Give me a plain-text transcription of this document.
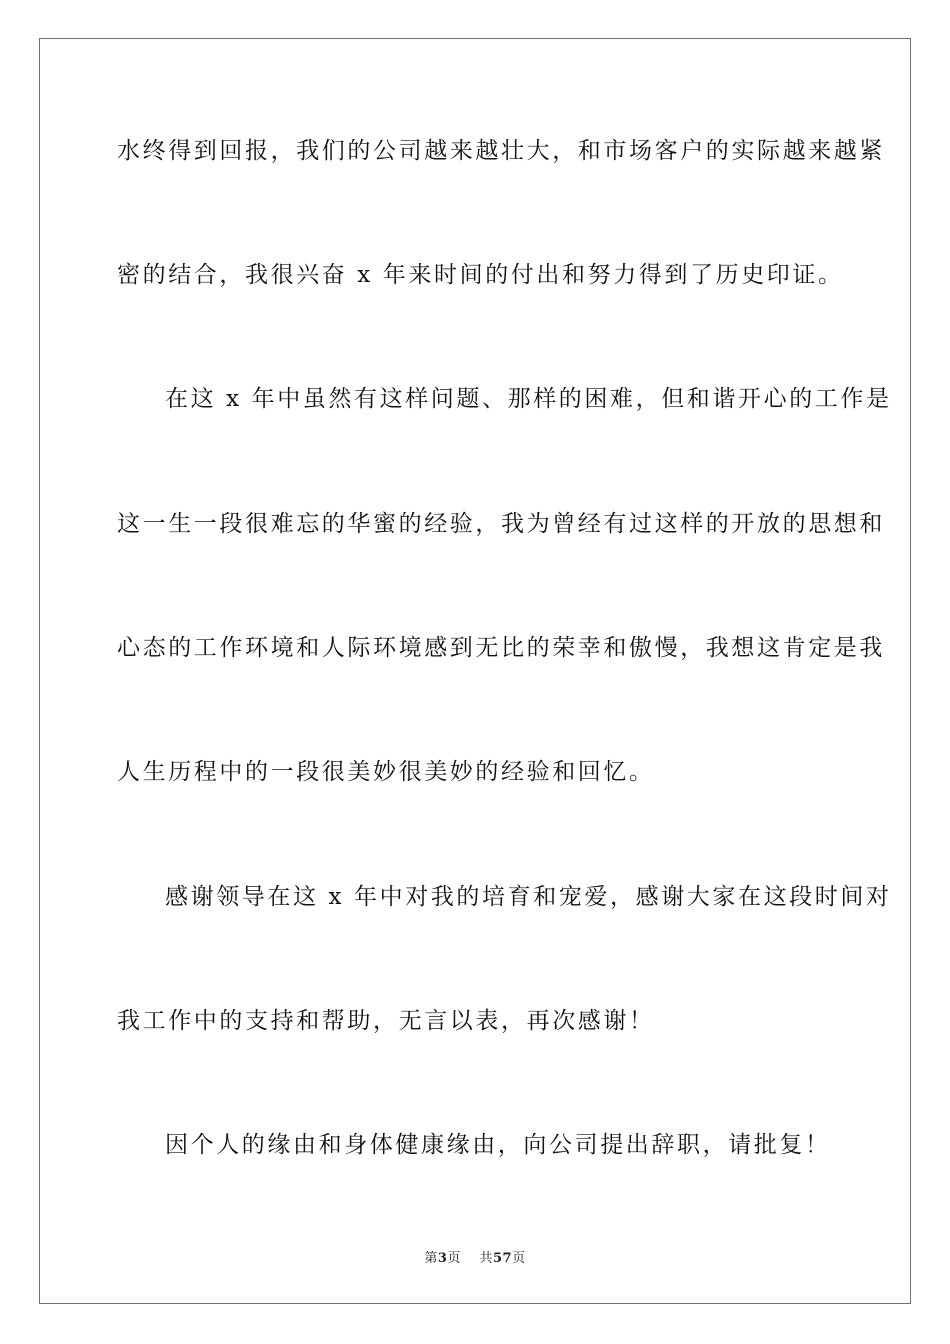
水终得到回报，我们的公司越来越壮大，和市场客户的实际越来越紧
密的结合，我很兴奋 x 年来时间的付出和努力得到了历史印证。
在这 x 年中虽然有这样问题、那样的困难，但和谐开心的工作是
这一生一段很难忘的华蜜的经验，我为曾经有过这样的开放的思想和
心态的工作环境和人际环境感到无比的荣幸和傲慢，我想这肯定是我
人生历程中的一段很美妙很美妙的经验和回忆。
感谢领导在这 x 年中对我的培育和宠爱，感谢大家在这段时间对
我工作中的支持和帮助，无言以表，再次感谢！
因个人的缘由和身体健康缘由，向公司提出辞职，请批复！
第3页 共57页
